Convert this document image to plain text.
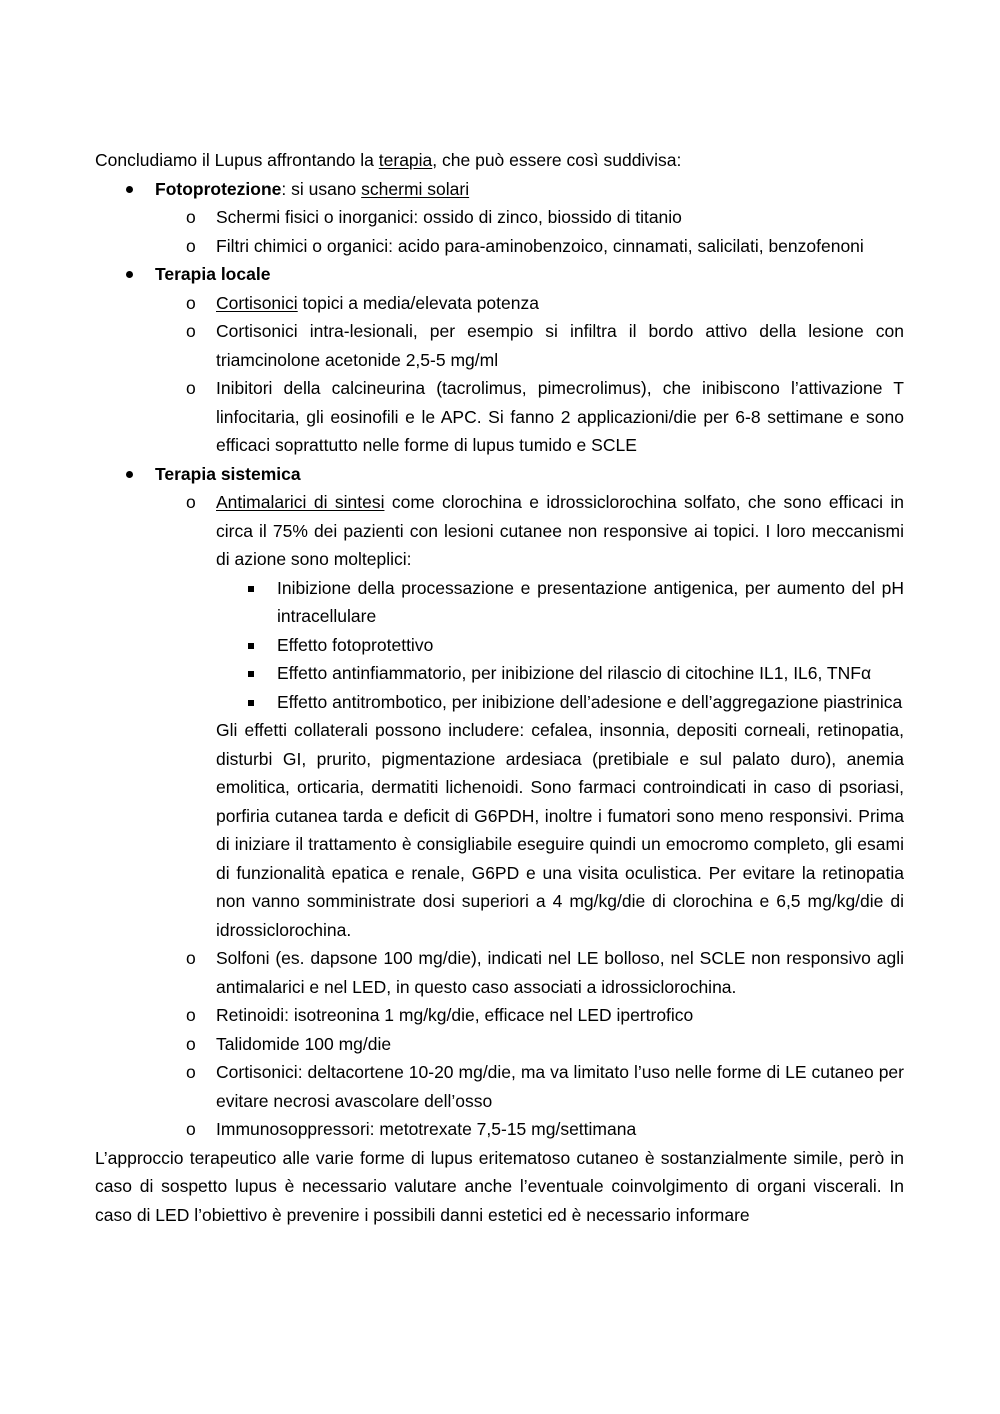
Concludiamo il Lupus affrontando la terapia, che può essere così suddivisa:

Fotoprotezione: si usano schermi solari
o Schermi fisici o inorganici: ossido di zinco, biossido di titanio
o Filtri chimici o organici: acido para-aminobenzoico, cinnamati, salicilati, benzofenoni
Terapia locale
o Cortisonici topici a media/elevata potenza
o Cortisonici intra-lesionali, per esempio si infiltra il bordo attivo della lesione con triamcinolone acetonide 2,5-5 mg/ml
o Inibitori della calcineurina (tacrolimus, pimecrolimus), che inibiscono l’attivazione T linfocitaria, gli eosinofili e le APC. Si fanno 2 applicazioni/die per 6-8 settimane e sono efficaci soprattutto nelle forme di lupus tumido e SCLE
Terapia sistemica
o Antimalarici di sintesi come clorochina e idrossiclorochina solfato, che sono efficaci in circa il 75% dei pazienti con lesioni cutanee non responsive ai topici. I loro meccanismi di azione sono molteplici:
Inibizione della processazione e presentazione antigenica, per aumento del pH intracellulare
Effetto fotoprotettivo
Effetto antinfiammatorio, per inibizione del rilascio di citochine IL1, IL6, TNFα
Effetto antitrombotico, per inibizione dell’adesione e dell’aggregazione piastrinica

Gli effetti collaterali possono includere: cefalea, insonnia, depositi corneali, retinopatia, disturbi GI, prurito, pigmentazione ardesiaca (pretibiale e sul palato duro), anemia emolitica, orticaria, dermatiti lichenoidi. Sono farmaci controindicati in caso di psoriasi, porfiria cutanea tarda e deficit di G6PDH, inoltre i fumatori sono meno responsivi. Prima di iniziare il trattamento è consigliabile eseguire quindi un emocromo completo, gli esami di funzionalità epatica e renale, G6PD e una visita oculistica. Per evitare la retinopatia non vanno somministrate dosi superiori a 4 mg/kg/die di clorochina e 6,5 mg/kg/die di idrossiclorochina.

o Solfoni (es. dapsone 100 mg/die), indicati nel LE bolloso, nel SCLE non responsivo agli antimalarici e nel LED, in questo caso associati a idrossiclorochina.
o Retinoidi: isotreonina 1 mg/kg/die, efficace nel LED ipertrofico
o Talidomide 100 mg/die
o Cortisonici: deltacortene 10-20 mg/die, ma va limitato l’uso nelle forme di LE cutaneo per evitare necrosi avascolare dell’osso
o Immunosoppressori: metotrexate 7,5-15 mg/settimana

L’approccio terapeutico alle varie forme di lupus eritematoso cutaneo è sostanzialmente simile, però in caso di sospetto lupus è necessario valutare anche l’eventuale coinvolgimento di organi viscerali. In caso di LED l’obiettivo è prevenire i possibili danni estetici ed è necessario informare
